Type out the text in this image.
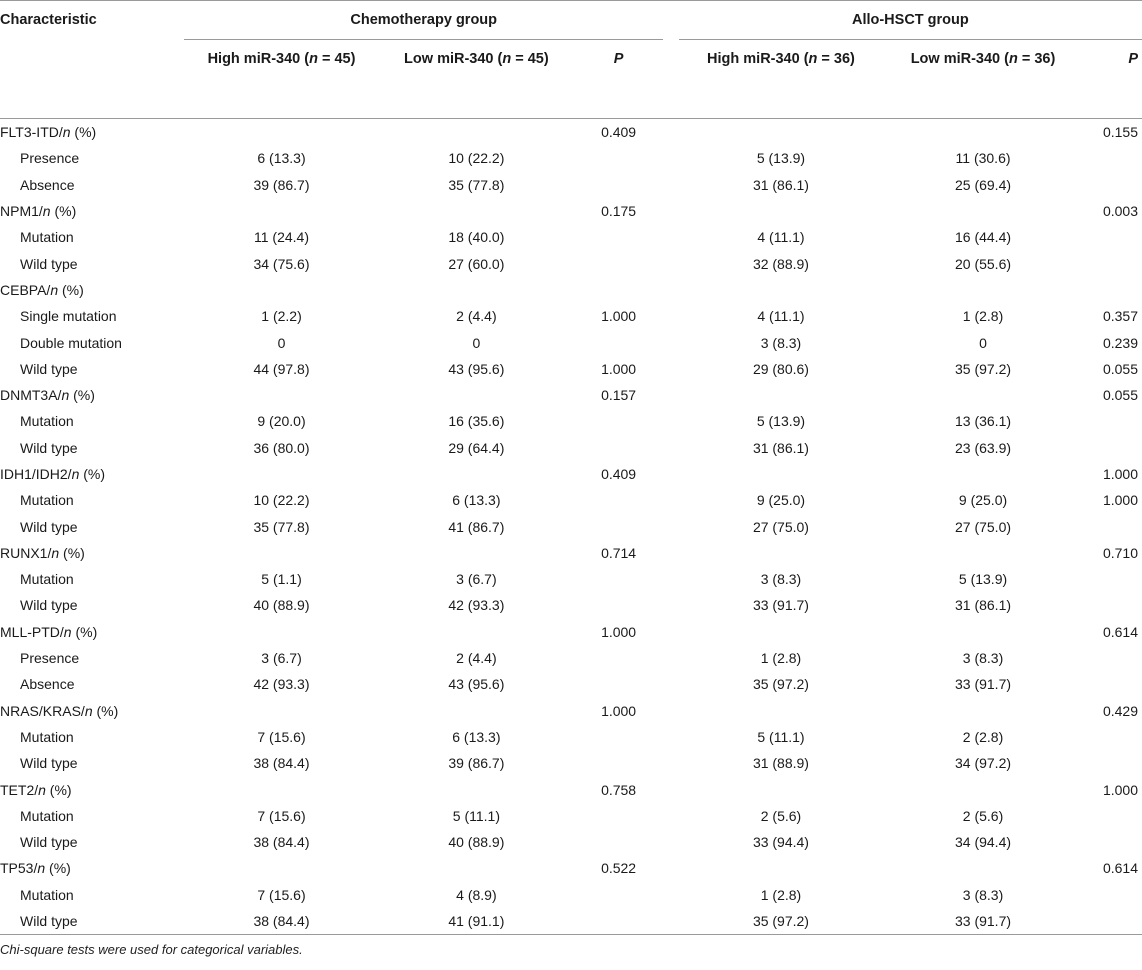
Characteristic	Chemotherapy group				Allo-HSCT group		
	High miR-340 (n = 45)	Low miR-340 (n = 45)	P		High miR-340 (n = 36)	Low miR-340 (n = 36)	P
FLT3-ITD/n (%)			0.409				0.155
Presence	6 (13.3)	10 (22.2)			5 (13.9)	11 (30.6)	
Absence	39 (86.7)	35 (77.8)			31 (86.1)	25 (69.4)	
NPM1/n (%)			0.175				0.003
Mutation	11 (24.4)	18 (40.0)			4 (11.1)	16 (44.4)	
Wild type	34 (75.6)	27 (60.0)			32 (88.9)	20 (55.6)	
CEBPA/n (%)							
Single mutation	1 (2.2)	2 (4.4)	1.000		4 (11.1)	1 (2.8)	0.357
Double mutation	0	0			3 (8.3)	0	0.239
Wild type	44 (97.8)	43 (95.6)	1.000		29 (80.6)	35 (97.2)	0.055
DNMT3A/n (%)			0.157				0.055
Mutation	9 (20.0)	16 (35.6)			5 (13.9)	13 (36.1)	
Wild type	36 (80.0)	29 (64.4)			31 (86.1)	23 (63.9)	
IDH1/IDH2/n (%)			0.409				1.000
Mutation	10 (22.2)	6 (13.3)			9 (25.0)	9 (25.0)	1.000
Wild type	35 (77.8)	41 (86.7)			27 (75.0)	27 (75.0)	
RUNX1/n (%)			0.714				0.710
Mutation	5 (1.1)	3 (6.7)			3 (8.3)	5 (13.9)	
Wild type	40 (88.9)	42 (93.3)			33 (91.7)	31 (86.1)	
MLL-PTD/n (%)			1.000				0.614
Presence	3 (6.7)	2 (4.4)			1 (2.8)	3 (8.3)	
Absence	42 (93.3)	43 (95.6)			35 (97.2)	33 (91.7)	
NRAS/KRAS/n (%)			1.000				0.429
Mutation	7 (15.6)	6 (13.3)			5 (11.1)	2 (2.8)	
Wild type	38 (84.4)	39 (86.7)			31 (88.9)	34 (97.2)	
TET2/n (%)			0.758				1.000
Mutation	7 (15.6)	5 (11.1)			2 (5.6)	2 (5.6)	
Wild type	38 (84.4)	40 (88.9)			33 (94.4)	34 (94.4)	
TP53/n (%)			0.522				0.614
Mutation	7 (15.6)	4 (8.9)			1 (2.8)	3 (8.3)	
Wild type	38 (84.4)	41 (91.1)			35 (97.2)	33 (91.7)	
Chi-square tests were used for categorical variables.
